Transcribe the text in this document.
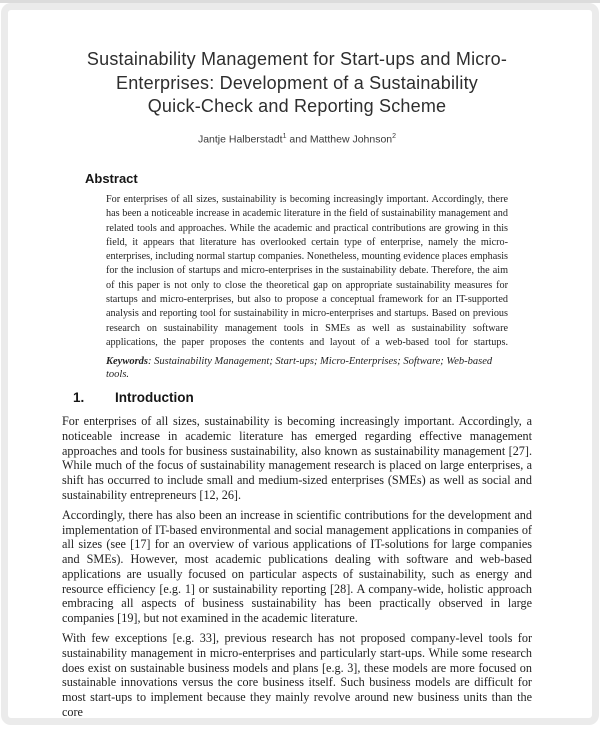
Sustainability Management for Start-ups and Micro-
Enterprises: Development of a Sustainability
Quick-Check and Reporting Scheme
Jantje Halberstadt$^1$ and Matthew Johnson$^2$
Abstract
For enterprises of all sizes, sustainability is becoming increasingly important. Accordingly, there has been a noticeable increase in academic literature in the field of sustainability management and related tools and approaches. While the academic and practical contributions are growing in this field, it appears that literature has overlooked certain type of enterprise, namely the micro-enterprises, including normal startup companies. Nonetheless, mounting evidence places emphasis for the inclusion of startups and micro-enterprises in the sustainability debate. Therefore, the aim of this paper is not only to close the theoretical gap on appropriate sustainability measures for startups and micro-enterprises, but also to propose a conceptual framework for an IT-supported analysis and reporting tool for sustainability in micro-enterprises and startups. Based on previous research on sustainability management tools in SMEs as well as sustainability software applications, the paper proposes the contents and layout of a web-based tool for startups.
Keywords: Sustainability Management; Start-ups; Micro-Enterprises; Software; Web-based tools.
1. Introduction

For enterprises of all sizes, sustainability is becoming increasingly important. Accordingly, a noticeable increase in academic literature has emerged regarding effective management approaches and tools for business sustainability, also known as sustainability management [27]. While much of the focus of sustainability management research is placed on large enterprises, a shift has occurred to include small and medium-sized enterprises (SMEs) as well as social and sustainability entrepreneurs [12, 26].

Accordingly, there has also been an increase in scientific contributions for the development and implementation of IT-based environmental and social management applications in companies of all sizes (see [17] for an overview of various applications of IT-solutions for large companies and SMEs). However, most academic publications dealing with software and web-based applications are usually focused on particular aspects of sustainability, such as energy and resource efficiency [e.g. 1] or sustainability reporting [28]. A company-wide, holistic approach embracing all aspects of business sustainability has been practically observed in large companies [19], but not examined in the academic literature.

With few exceptions [e.g. 33], previous research has not proposed company-level tools for sustainability management in micro-enterprises and particularly start-ups. While some research does exist on sustainable business models and plans [e.g. 3], these models are more focused on sustainable innovations versus the core business itself. Such business models are difficult for most start-ups to implement because they mainly revolve around new business units than the core
